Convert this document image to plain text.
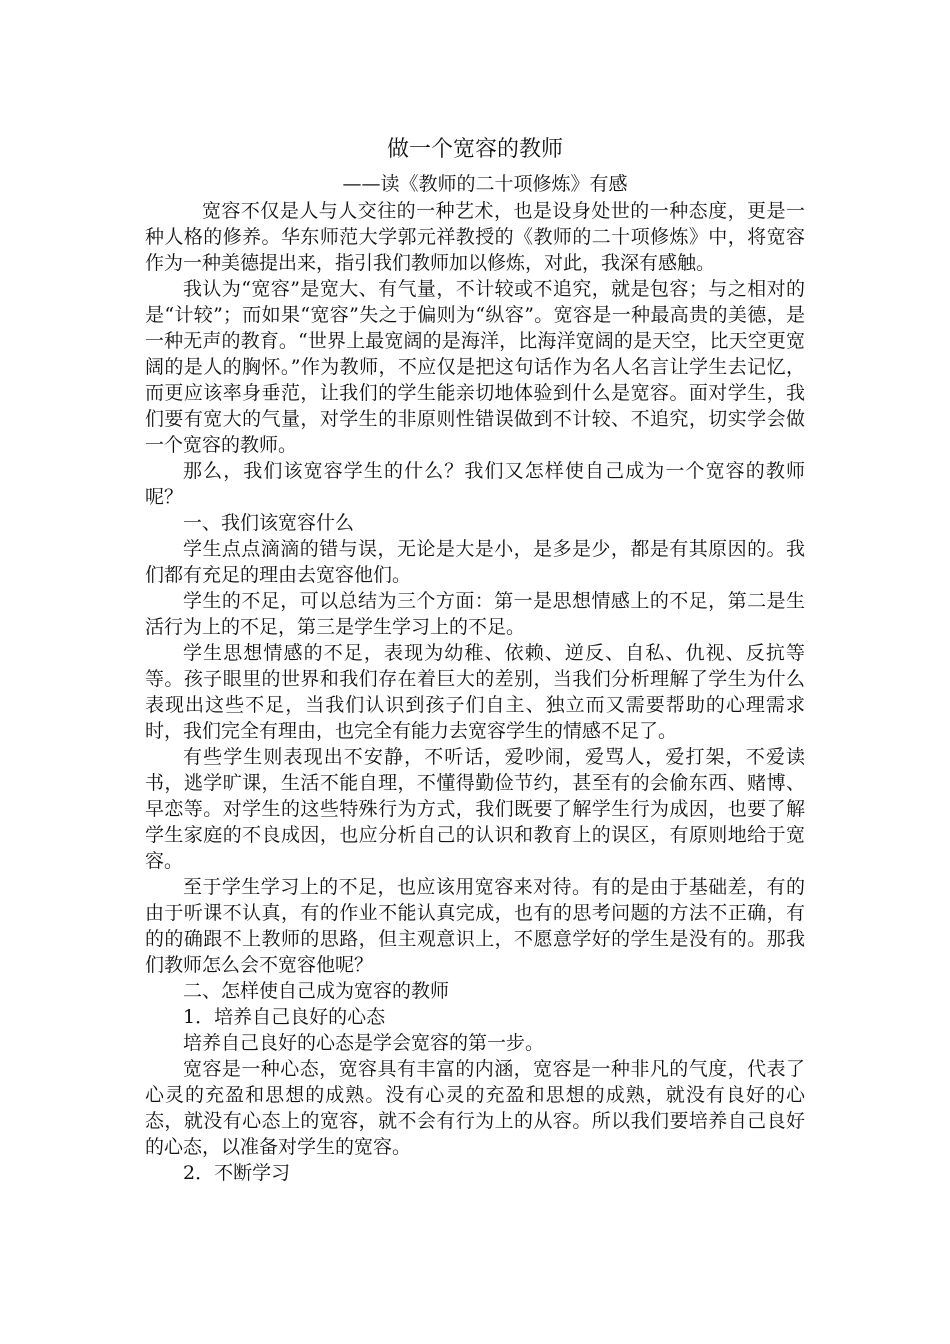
做一个宽容的教师

——读《教师的二十项修炼》有感

宽容不仅是人与人交往的一种艺术，也是设身处世的一种态度，更是一种人格的修养。华东师范大学郭元祥教授的《教师的二十项修炼》中，将宽容作为一种美德提出来，指引我们教师加以修炼，对此，我深有感触。

我认为“宽容”是宽大、有气量，不计较或不追究，就是包容；与之相对的是“计较”；而如果“宽容”失之于偏则为“纵容”。宽容是一种最高贵的美德，是一种无声的教育。“世界上最宽阔的是海洋，比海洋宽阔的是天空，比天空更宽阔的是人的胸怀。”作为教师，不应仅是把这句话作为名人名言让学生去记忆，而更应该率身垂范，让我们的学生能亲切地体验到什么是宽容。面对学生，我们要有宽大的气量，对学生的非原则性错误做到不计较、不追究，切实学会做一个宽容的教师。

那么，我们该宽容学生的什么？我们又怎样使自己成为一个宽容的教师呢？

一、我们该宽容什么

学生点点滴滴的错与误，无论是大是小，是多是少，都是有其原因的。我们都有充足的理由去宽容他们。

学生的不足，可以总结为三个方面：第一是思想情感上的不足，第二是生活行为上的不足，第三是学生学习上的不足。

学生思想情感的不足，表现为幼稚、依赖、逆反、自私、仇视、反抗等等。孩子眼里的世界和我们存在着巨大的差别，当我们分析理解了学生为什么表现出这些不足，当我们认识到孩子们自主、独立而又需要帮助的心理需求时，我们完全有理由，也完全有能力去宽容学生的情感不足了。

有些学生则表现出不安静，不听话，爱吵闹，爱骂人，爱打架，不爱读书，逃学旷课，生活不能自理，不懂得勤俭节约，甚至有的会偷东西、赌博、早恋等。对学生的这些特殊行为方式，我们既要了解学生行为成因，也要了解学生家庭的不良成因，也应分析自己的认识和教育上的误区，有原则地给于宽容。

至于学生学习上的不足，也应该用宽容来对待。有的是由于基础差，有的由于听课不认真，有的作业不能认真完成，也有的思考问题的方法不正确，有的的确跟不上教师的思路，但主观意识上，不愿意学好的学生是没有的。那我们教师怎么会不宽容他呢？

二、怎样使自己成为宽容的教师

1．培养自己良好的心态

培养自己良好的心态是学会宽容的第一步。

宽容是一种心态，宽容具有丰富的内涵，宽容是一种非凡的气度，代表了心灵的充盈和思想的成熟。没有心灵的充盈和思想的成熟，就没有良好的心态，就没有心态上的宽容，就不会有行为上的从容。所以我们要培养自己良好的心态，以准备对学生的宽容。

2．不断学习
